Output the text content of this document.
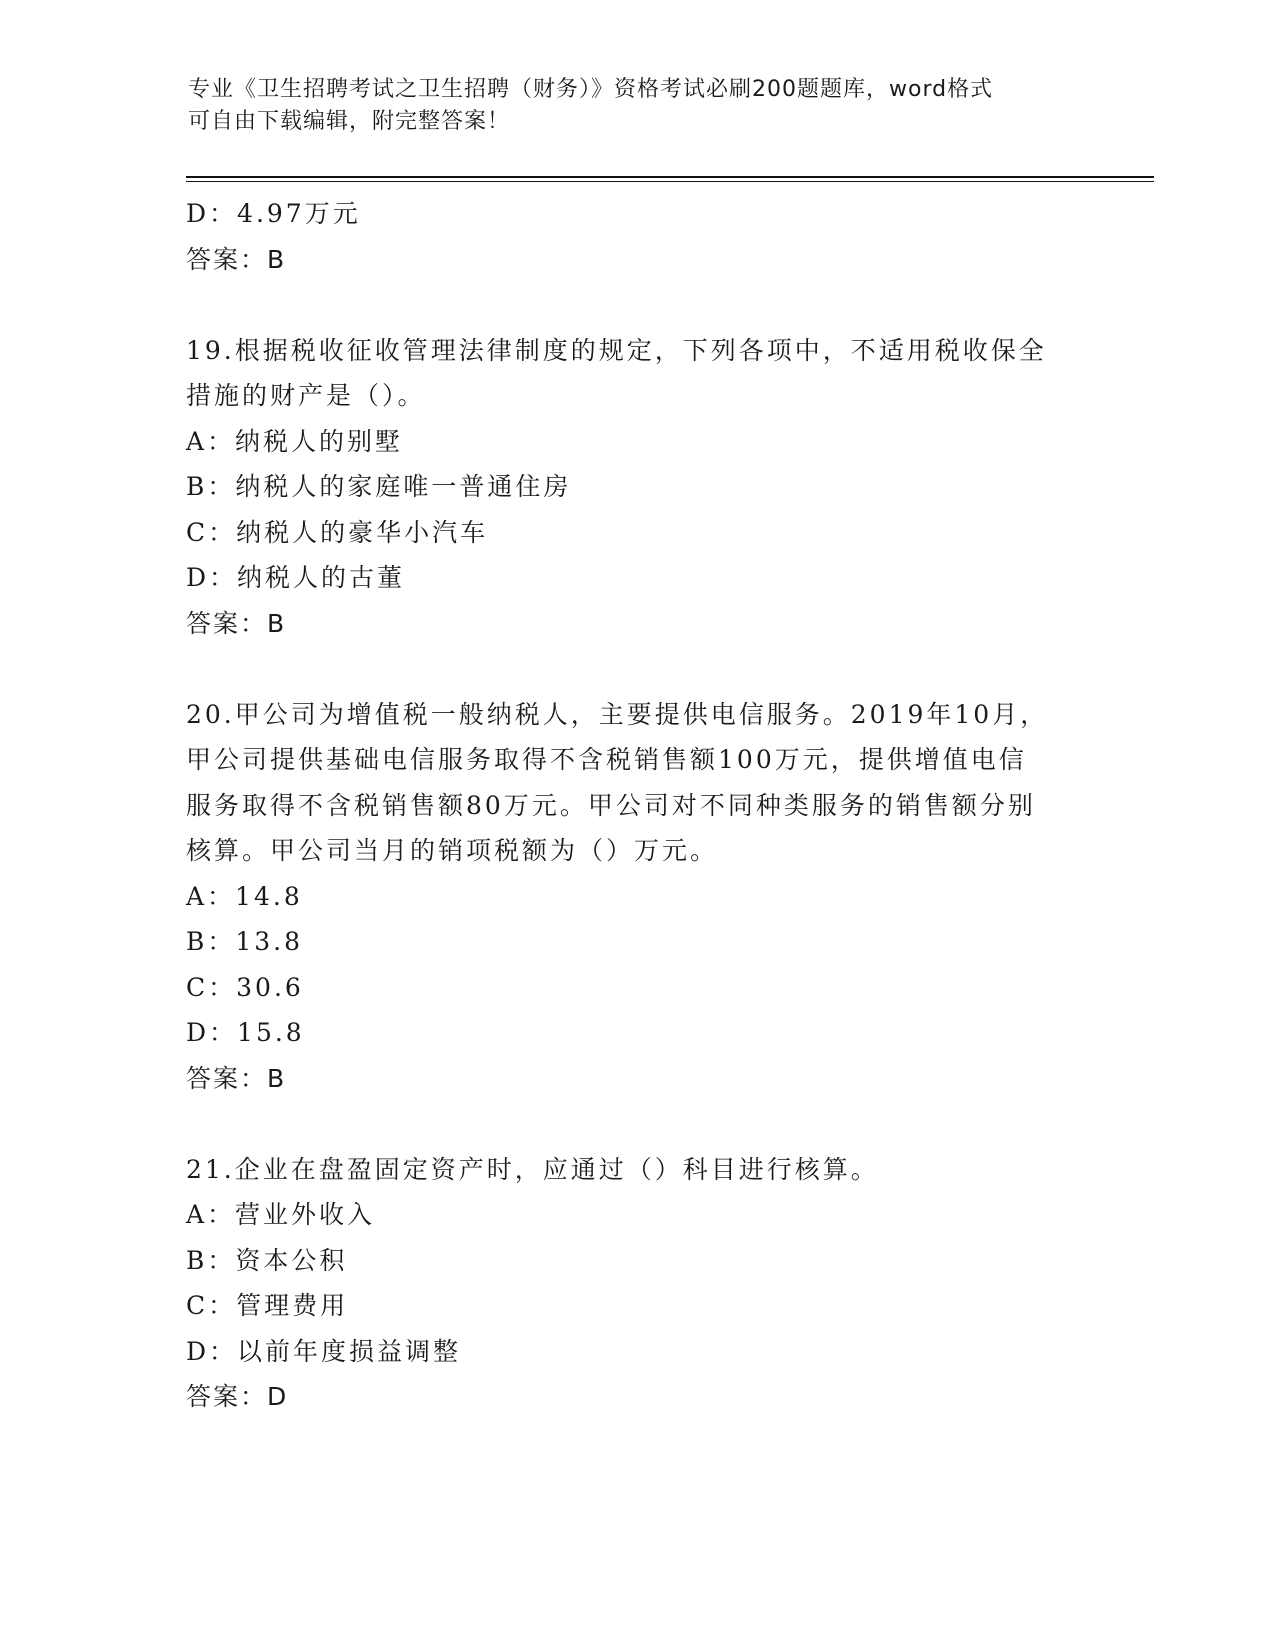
专业《卫生招聘考试之卫生招聘（财务）》资格考试必刷200题题库，word格式
可自由下载编辑，附完整答案！
D：4.97万元
答案：B
19.根据税收征收管理法律制度的规定，下列各项中，不适用税收保全
措施的财产是（）。
A：纳税人的别墅
B：纳税人的家庭唯一普通住房
C：纳税人的豪华小汽车
D：纳税人的古董
答案：B
20.甲公司为增值税一般纳税人，主要提供电信服务。2019年10月，
甲公司提供基础电信服务取得不含税销售额100万元，提供增值电信
服务取得不含税销售额80万元。甲公司对不同种类服务的销售额分别
核算。甲公司当月的销项税额为（）万元。
A：14.8
B：13.8
C：30.6
D：15.8
答案：B
21.企业在盘盈固定资产时，应通过（）科目进行核算。
A：营业外收入
B：资本公积
C：管理费用
D：以前年度损益调整
答案：D
